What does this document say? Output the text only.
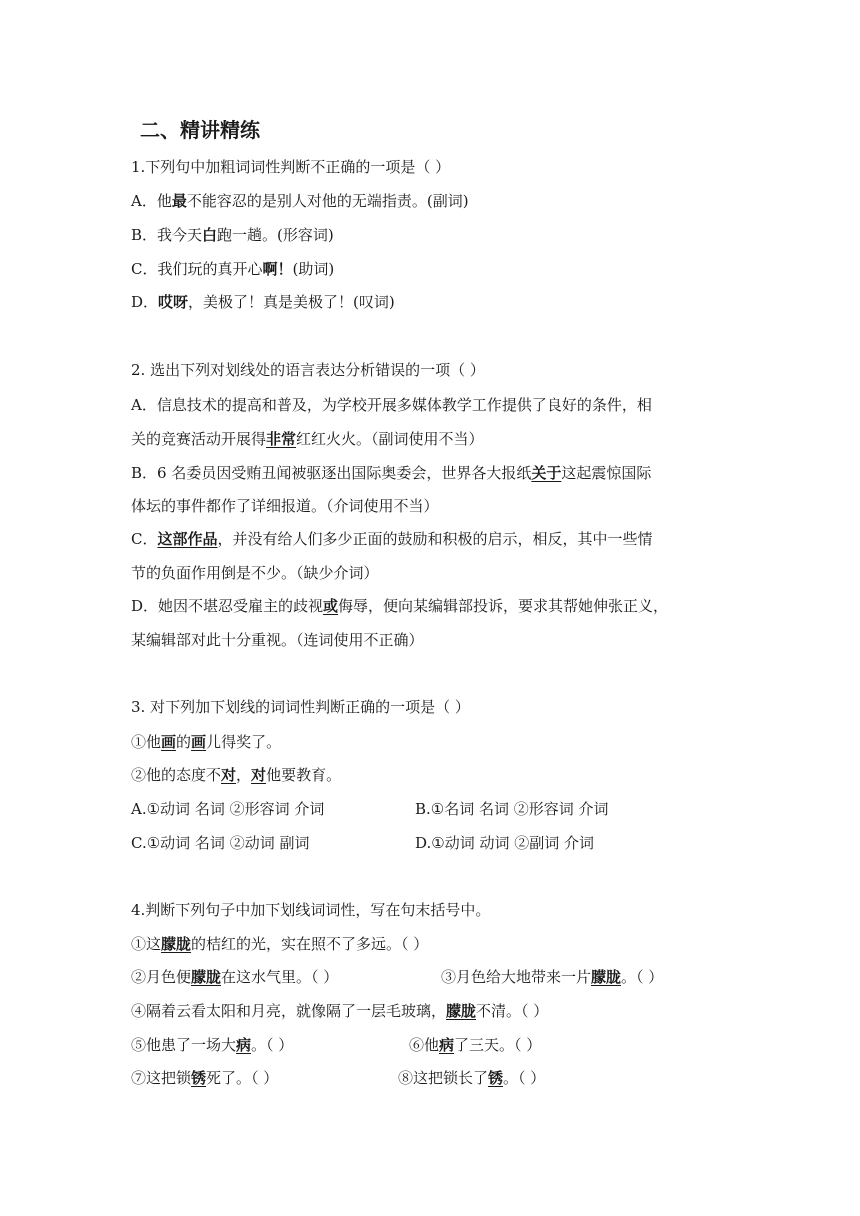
二、精讲精练
1.下列句中加粗词词性判断不正确的一项是（ ）
A．他最不能容忍的是别人对他的无端指责。(副词)
B．我今天白跑一趟。(形容词)
C．我们玩的真开心啊！(助词)
D．哎呀，美极了！真是美极了！(叹词)
2. 选出下列对划线处的语言表达分析错误的一项（ ）
A．信息技术的提高和普及，为学校开展多媒体教学工作提供了良好的条件，相
关的竞赛活动开展得非常红红火火。（副词使用不当）
B．6 名委员因受贿丑闻被驱逐出国际奥委会，世界各大报纸关于这起震惊国际
体坛的事件都作了详细报道。（介词使用不当）
C．这部作品，并没有给人们多少正面的鼓励和积极的启示，相反，其中一些情
节的负面作用倒是不少。（缺少介词）
D．她因不堪忍受雇主的歧视或侮辱，便向某编辑部投诉，要求其帮她伸张正义，
某编辑部对此十分重视。（连词使用不正确）
3. 对下列加下划线的词词性判断正确的一项是（ ）
①他画的画儿得奖了。
②他的态度不对，对他要教育。
A.①动词 名词 ②形容词 介词	B.①名词 名词 ②形容词 介词
C.①动词 名词 ②动词 副词	D.①动词 动词 ②副词 介词
4.判断下列句子中加下划线词词性，写在句末括号中。
①这朦胧的桔红的光，实在照不了多远。（ ）
②月色便朦胧在这水气里。（ ）	③月色给大地带来一片朦胧。（ ）
④隔着云看太阳和月亮，就像隔了一层毛玻璃，朦胧不清。（ ）
⑤他患了一场大病。（ ）	⑥他病了三天。（ ）
⑦这把锁锈死了。（ ）	⑧这把锁长了锈。（ ）
